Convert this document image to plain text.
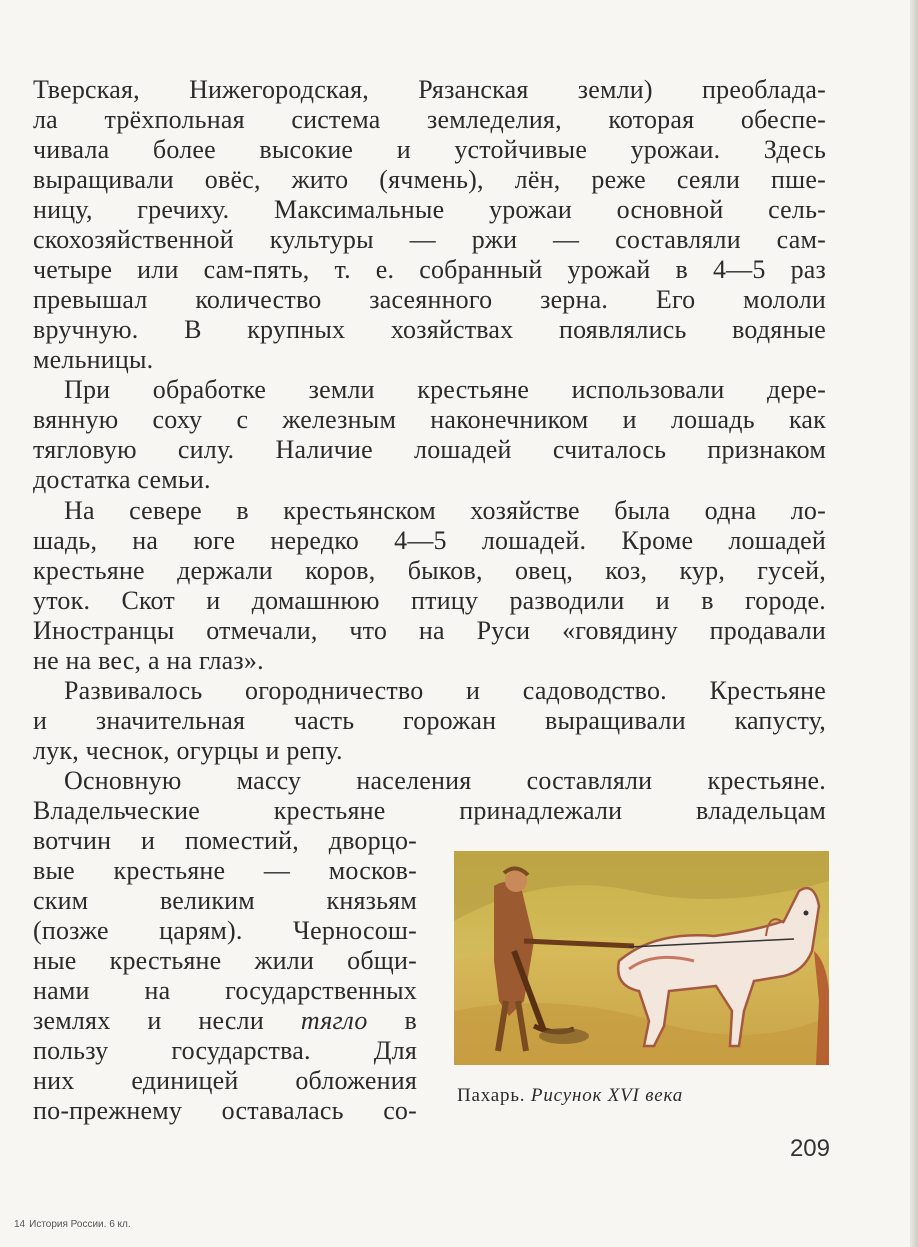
Тверская, Нижегородская, Рязанская земли) преоблада-
ла трёхпольная система земледелия, которая обеспе-
чивала более высокие и устойчивые урожаи. Здесь
выращивали овёс, жито (ячмень), лён, реже сеяли пше-
ницу, гречиху. Максимальные урожаи основной сель-
скохозяйственной культуры — ржи — составляли сам-
четыре или сам-пять, т. е. собранный урожай в 4—5 раз
превышал количество засеянного зерна. Его мололи
вручную. В крупных хозяйствах появлялись водяные
мельницы.
При обработке земли крестьяне использовали дере-
вянную соху с железным наконечником и лошадь как
тягловую силу. Наличие лошадей считалось признаком
достатка семьи.
На севере в крестьянском хозяйстве была одна ло-
шадь, на юге нередко 4—5 лошадей. Кроме лошадей
крестьяне держали коров, быков, овец, коз, кур, гусей,
уток. Скот и домашнюю птицу разводили и в городе.
Иностранцы отмечали, что на Руси «говядину продавали
не на вес, а на глаз».
Развивалось огородничество и садоводство. Крестьяне
и значительная часть горожан выращивали капусту,
лук, чеснок, огурцы и репу.
Основную массу населения составляли крестьяне.
Владельческие крестьяне принадлежали владельцам
вотчин и поместий, дворцо-
вые крестьяне — москов-
ским великим князьям
(позже царям). Черносош-
ные крестьяне жили общи-
нами на государственных
землях и несли тягло в
пользу государства. Для
них единицей обложения
по-прежнему оставалась со-
Пахарь. Рисунок XVI века
209
14 История России. 6 кл.
